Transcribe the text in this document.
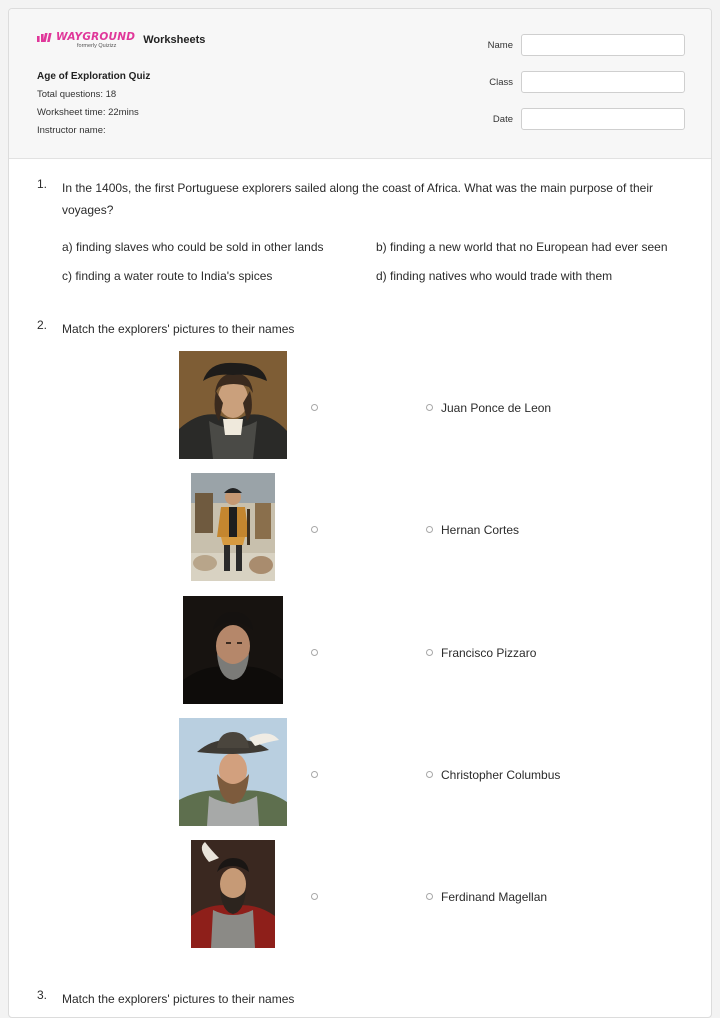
WAYGROUND
formerly Quizizz	Worksheets
Age of Exploration Quiz
Total questions: 18
Worksheet time: 22mins
Instructor name:
Name
Class
Date
1. In the 1400s, the first Portuguese explorers sailed along the coast of Africa. What was the main purpose of their voyages?
a) finding slaves who could be sold in other lands	b) finding a new world that no European had ever seen
c) finding a water route to India's spices	d) finding natives who would trade with them
2. Match the explorers' pictures to their names
Juan Ponce de Leon
Hernan Cortes
Francisco Pizzaro
Christopher Columbus
Ferdinand Magellan
3. Match the explorers' pictures to their names
